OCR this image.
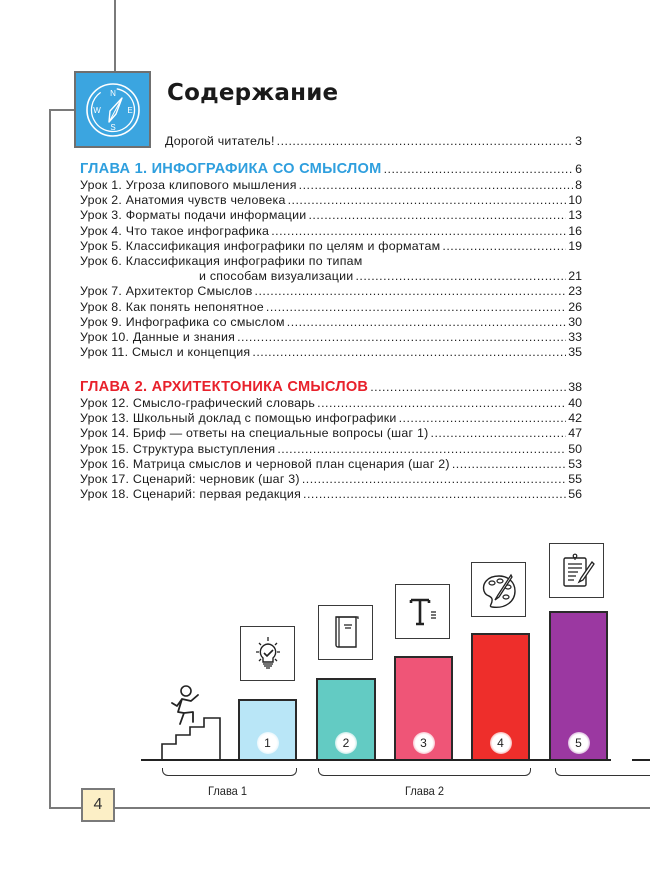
N
S
W	E
Содержание
Дорогой читатель! .....	3
ГЛАВА 1. ИНФОГРАФИКА СО СМЫСЛОМ .....	6
Урок 1. Угроза клипового мышления .....	8
Урок 2. Анатомия чувств человека .....	10
Урок 3. Форматы подачи информации .....	13
Урок 4. Что такое инфографика .....	16
Урок 5. Классификация инфографики по целям и форматам .....	19
Урок 6. Классификация инфографики по типам
и способам визуализации .....	21
Урок 7. Архитектор Смыслов .....	23
Урок 8. Как понять непонятное .....	26
Урок 9. Инфографика со смыслом .....	30
Урок 10. Данные и знания .....	33
Урок 11. Смысл и концепция .....	35
ГЛАВА 2. АРХИТЕКТОНИКА СМЫСЛОВ .....	38
Урок 12. Смысло-графический словарь .....	40
Урок 13. Школьный доклад с помощью инфографики .....	42
Урок 14. Бриф — ответы на специальные вопросы (шаг 1) .....	47
Урок 15. Структура выступления .....	50
Урок 16. Матрица смыслов и черновой план сценария (шаг 2) .....	53
Урок 17. Сценарий: черновик (шаг 3) .....	55
Урок 18. Сценарий: первая редакция .....	56
1	2	3	4	5
Глава 1	Глава 2
4
